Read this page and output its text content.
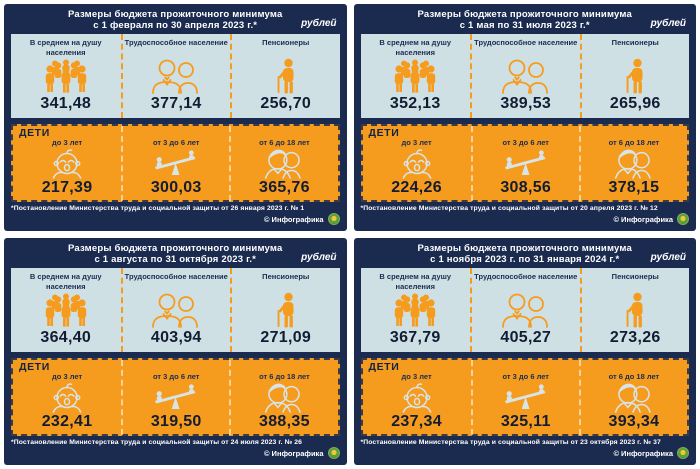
Размеры бюджета прожиточного минимума
с 1 февраля по 30 апреля 2023 г.*	рублей
В среднем на душу населения
341,48
Трудоспособное население
377,14
Пенсионеры
256,70
ДЕТИ
до 3 лет
217,39
от 3 до 6 лет
300,03
от 6 до 18 лет
365,76
*Постановление Министерства труда и социальной защиты от 26 января 2023 г. № 1
© Инфографика
Размеры бюджета прожиточного минимума
с 1 мая по 31 июля 2023 г.*	рублей
В среднем на душу населения
352,13
Трудоспособное население
389,53
Пенсионеры
265,96
ДЕТИ
до 3 лет
224,26
от 3 до 6 лет
308,56
от 6 до 18 лет
378,15
*Постановление Министерства труда и социальной защиты от 20 апреля 2023 г. № 12
© Инфографика
Размеры бюджета прожиточного минимума
с 1 августа по 31 октября 2023 г.*	рублей
В среднем на душу населения
364,40
Трудоспособное население
403,94
Пенсионеры
271,09
ДЕТИ
до 3 лет
232,41
от 3 до 6 лет
319,50
от 6 до 18 лет
388,35
*Постановление Министерства труда и социальной защиты от 24 июля 2023 г. № 26
© Инфографика
Размеры бюджета прожиточного минимума
с 1 ноября 2023 г. по 31 января 2024 г.*	рублей
В среднем на душу населения
367,79
Трудоспособное население
405,27
Пенсионеры
273,26
ДЕТИ
до 3 лет
237,34
от 3 до 6 лет
325,11
от 6 до 18 лет
393,34
*Постановление Министерства труда и социальной защиты от 23 октября 2023 г. № 37
© Инфографика
